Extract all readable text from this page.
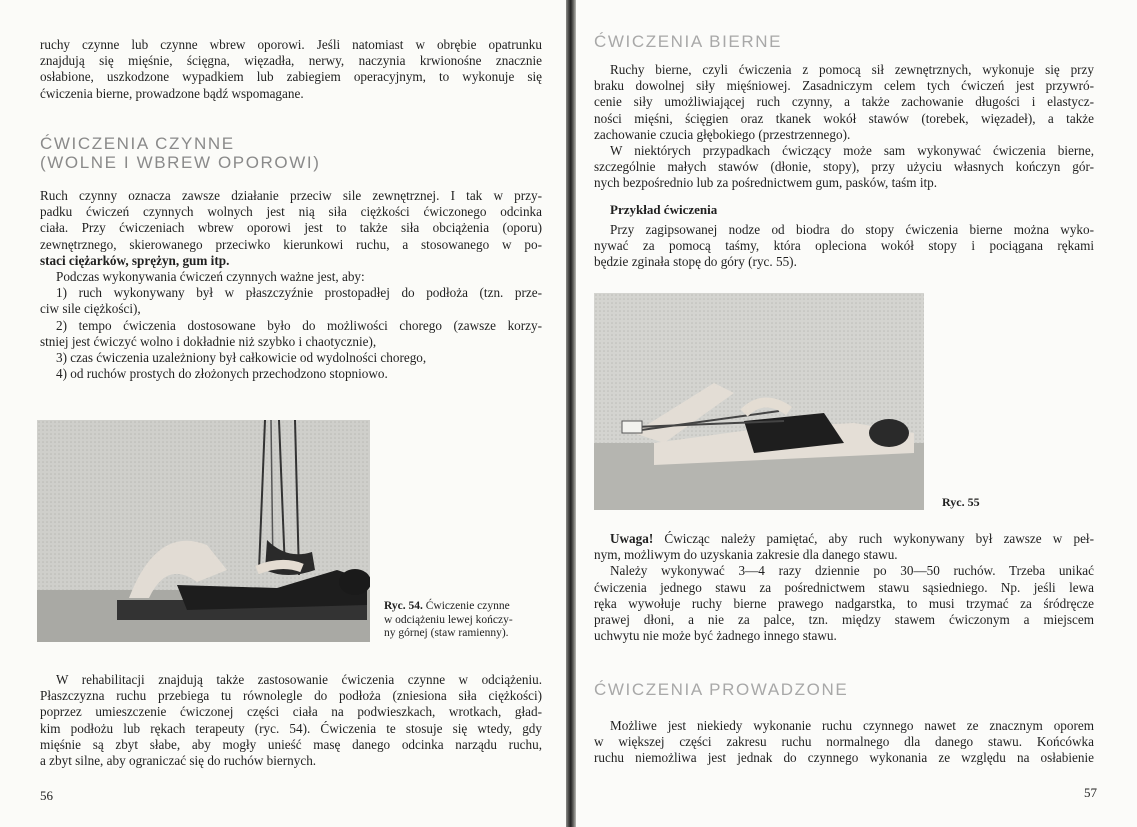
ruchy czynne lub czynne wbrew oporowi. Jeśli natomiast w obrębie opatrunku
znajdują się mięśnie, ścięgna, więzadła, nerwy, naczynia krwionośne znacznie
osłabione, uszkodzone wypadkiem lub zabiegiem operacyjnym, to wykonuje się
ćwiczenia bierne, prowadzone bądź wspomagane.
ĆWICZENIA CZYNNE
(WOLNE I WBREW OPOROWI)
Ruch czynny oznacza zawsze działanie przeciw sile zewnętrznej. I tak w przy-
padku ćwiczeń czynnych wolnych jest nią siła ciężkości ćwiczonego odcinka
ciała. Przy ćwiczeniach wbrew oporowi jest to także siła obciążenia (oporu)
zewnętrznego, skierowanego przeciwko kierunkowi ruchu, a stosowanego w po-
staci ciężarków, sprężyn, gum itp.
Podczas wykonywania ćwiczeń czynnych ważne jest, aby:
1) ruch wykonywany był w płaszczyźnie prostopadłej do podłoża (tzn. prze-
ciw sile ciężkości),
2) tempo ćwiczenia dostosowane było do możliwości chorego (zawsze korzy-
stniej jest ćwiczyć wolno i dokładnie niż szybko i chaotycznie),
3) czas ćwiczenia uzależniony był całkowicie od wydolności chorego,
4) od ruchów prostych do złożonych przechodzono stopniowo.
Ryc. 54. Ćwiczenie czynne
w odciążeniu lewej kończy-
ny górnej (staw ramienny).
W rehabilitacji znajdują także zastosowanie ćwiczenia czynne w odciążeniu.
Płaszczyzna ruchu przebiega tu równolegle do podłoża (zniesiona siła ciężkości)
poprzez umieszczenie ćwiczonej części ciała na podwieszkach, wrotkach, gład-
kim podłożu lub rękach terapeuty (ryc. 54). Ćwiczenia te stosuje się wtedy, gdy
mięśnie są zbyt słabe, aby mogły unieść masę danego odcinka narządu ruchu,
a zbyt silne, aby ograniczać się do ruchów biernych.
56
ĆWICZENIA BIERNE
Ruchy bierne, czyli ćwiczenia z pomocą sił zewnętrznych, wykonuje się przy
braku dowolnej siły mięśniowej. Zasadniczym celem tych ćwiczeń jest przywró-
cenie siły umożliwiającej ruch czynny, a także zachowanie długości i elastycz-
ności mięśni, ścięgien oraz tkanek wokół stawów (torebek, więzadeł), a także
zachowanie czucia głębokiego (przestrzennego).
W niektórych przypadkach ćwiczący może sam wykonywać ćwiczenia bierne,
szczególnie małych stawów (dłonie, stopy), przy użyciu własnych kończyn gór-
nych bezpośrednio lub za pośrednictwem gum, pasków, taśm itp.
Przykład ćwiczenia
Przy zagipsowanej nodze od biodra do stopy ćwiczenia bierne można wyko-
nywać za pomocą taśmy, która opleciona wokół stopy i pociągana rękami
będzie zginała stopę do góry (ryc. 55).
Ryc. 55
Uwaga! Ćwicząc należy pamiętać, aby ruch wykonywany był zawsze w peł-
nym, możliwym do uzyskania zakresie dla danego stawu.
Należy wykonywać 3—4 razy dziennie po 30—50 ruchów. Trzeba unikać
ćwiczenia jednego stawu za pośrednictwem stawu sąsiedniego. Np. jeśli lewa
ręka wywołuje ruchy bierne prawego nadgarstka, to musi trzymać za śródręcze
prawej dłoni, a nie za palce, tzn. między stawem ćwiczonym a miejscem
uchwytu nie może być żadnego innego stawu.
ĆWICZENIA PROWADZONE
Możliwe jest niekiedy wykonanie ruchu czynnego nawet ze znacznym oporem
w większej części zakresu ruchu normalnego dla danego stawu. Końcówka
ruchu niemożliwa jest jednak do czynnego wykonania ze względu na osłabienie
57
